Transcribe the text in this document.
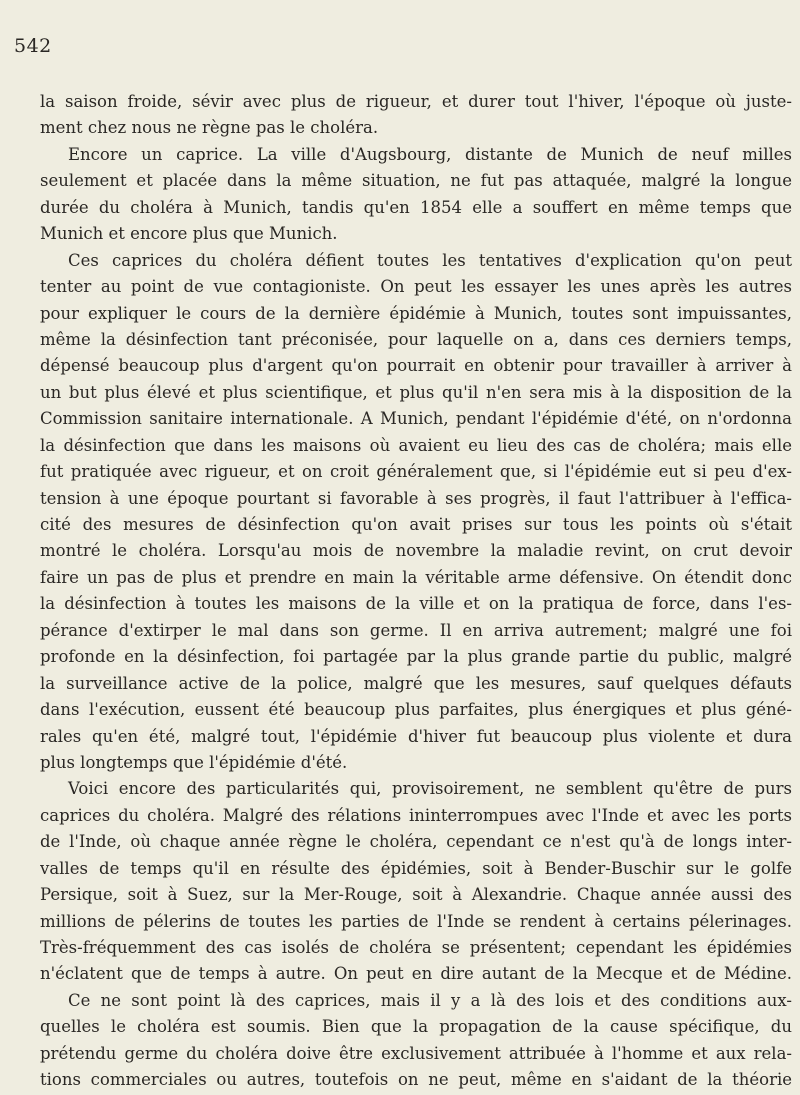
542
la saison froide, sévir avec plus de rigueur, et durer tout l'hiver, l'époque où juste-
ment chez nous ne règne pas le choléra.
Encore un caprice. La ville d'Augsbourg, distante de Munich de neuf milles
seulement et placée dans la même situation, ne fut pas attaquée, malgré la longue
durée du choléra à Munich, tandis qu'en 1854 elle a souffert en même temps que
Munich et encore plus que Munich.
Ces caprices du choléra défient toutes les tentatives d'explication qu'on peut
tenter au point de vue contagioniste. On peut les essayer les unes après les autres
pour expliquer le cours de la dernière épidémie à Munich, toutes sont impuissantes,
même la désinfection tant préconisée, pour laquelle on a, dans ces derniers temps,
dépensé beaucoup plus d'argent qu'on pourrait en obtenir pour travailler à arriver à
un but plus élevé et plus scientifique, et plus qu'il n'en sera mis à la disposition de la
Commission sanitaire internationale. A Munich, pendant l'épidémie d'été, on n'ordonna
la désinfection que dans les maisons où avaient eu lieu des cas de choléra; mais elle
fut pratiquée avec rigueur, et on croit généralement que, si l'épidémie eut si peu d'ex-
tension à une époque pourtant si favorable à ses progrès, il faut l'attribuer à l'effica-
cité des mesures de désinfection qu'on avait prises sur tous les points où s'était
montré le choléra. Lorsqu'au mois de novembre la maladie revint, on crut devoir
faire un pas de plus et prendre en main la véritable arme défensive. On étendit donc
la désinfection à toutes les maisons de la ville et on la pratiqua de force, dans l'es-
pérance d'extirper le mal dans son germe. Il en arriva autrement; malgré une foi
profonde en la désinfection, foi partagée par la plus grande partie du public, malgré
la surveillance active de la police, malgré que les mesures, sauf quelques défauts
dans l'exécution, eussent été beaucoup plus parfaites, plus énergiques et plus géné-
rales qu'en été, malgré tout, l'épidémie d'hiver fut beaucoup plus violente et dura
plus longtemps que l'épidémie d'été.
Voici encore des particularités qui, provisoirement, ne semblent qu'être de purs
caprices du choléra. Malgré des rélations ininterrompues avec l'Inde et avec les ports
de l'Inde, où chaque année règne le choléra, cependant ce n'est qu'à de longs inter-
valles de temps qu'il en résulte des épidémies, soit à Bender-Buschir sur le golfe
Persique, soit à Suez, sur la Mer-Rouge, soit à Alexandrie. Chaque année aussi des
millions de pélerins de toutes les parties de l'Inde se rendent à certains pélerinages.
Très-fréquemment des cas isolés de choléra se présentent; cependant les épidémies
n'éclatent que de temps à autre. On peut en dire autant de la Mecque et de Médine.
Ce ne sont point là des caprices, mais il y a là des lois et des conditions aux-
quelles le choléra est soumis. Bien que la propagation de la cause spécifique, du
prétendu germe du choléra doive être exclusivement attribuée à l'homme et aux rela-
tions commerciales ou autres, toutefois on ne peut, même en s'aidant de la théorie
